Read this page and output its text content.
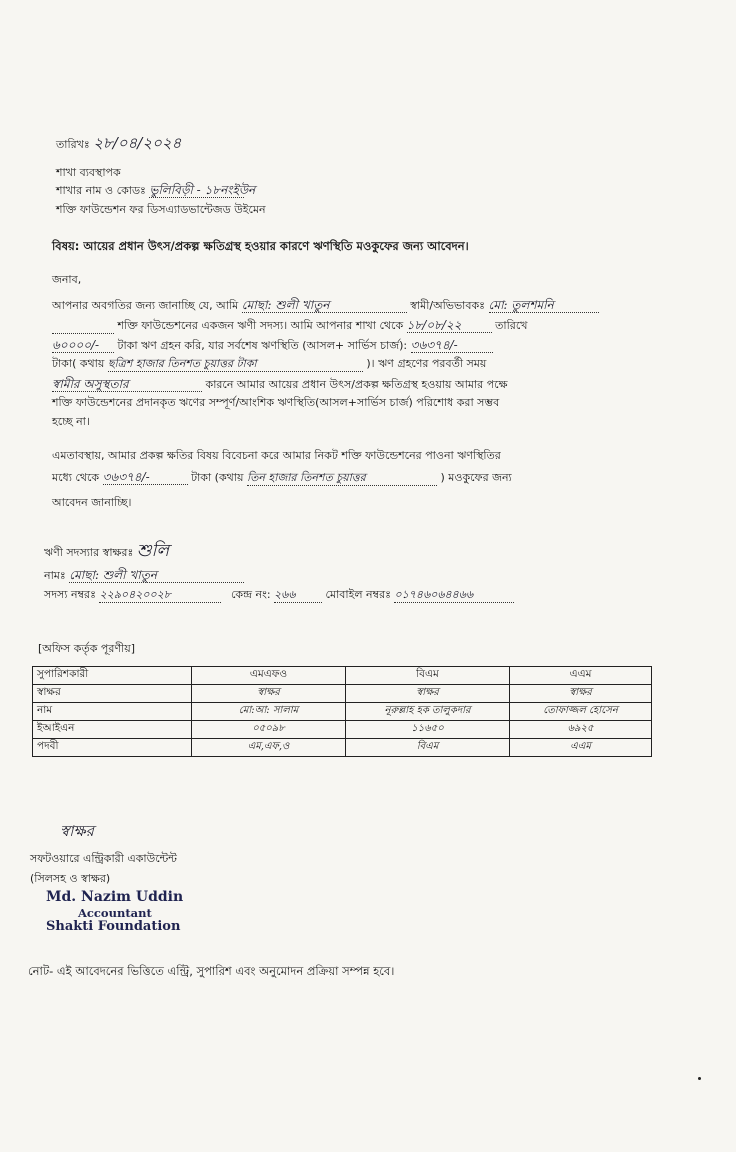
তারিখঃ ২৮/০৪/২০২৪
শাখা ব্যবস্থাপক
শাখার নাম ও কোডঃ ভুলিবিড়ী - ১৮নংইউন
শক্তি ফাউন্ডেশন ফর ডিসএ্যাডভান্টেজড উইমেন
বিষয়: আয়ের প্রধান উৎস/প্রকল্প ক্ষতিগ্রস্থ হওয়ার কারণে ঋণস্থিতি মওকুফের জন্য আবেদন।
জনাব,
আপনার অবগতির জন্য জানাচ্ছি যে, আমি মোছা: শুলী খাতুন	স্বামী/অভিভাবকঃ মো: তুলশমনি
শক্তি ফাউন্ডেশনের একজন ঋণী সদস্য। আমি আপনার শাখা থেকে ১৮/০৮/২২	তারিখে
৬০০০০/- টাকা ঋণ গ্রহন করি, যার সর্বশেষ ঋণস্থিতি (আসল+ সার্ভিস চার্জ): ৩৬৩৭৪/-
টাকা( কথায় ছত্রিশ হাজার তিনশত চুয়াত্তর টাকা	)। ঋণ গ্রহণের পরবর্তী সময়
স্বামীর অসুস্থতার	কারনে আমার আয়ের প্রধান উৎস/প্রকল্প ক্ষতিগ্রস্থ হওয়ায় আমার পক্ষে
শক্তি ফাউন্ডেশনের প্রদানকৃত ঋণের সম্পূর্ণ/আংশিক ঋণস্থিতি(আসল+সার্ভিস চার্জ) পরিশোধ করা সম্ভব
হচ্ছে না।
এমতাবস্থায়, আমার প্রকল্প ক্ষতির বিষয় বিবেচনা করে আমার নিকট শক্তি ফাউন্ডেশনের পাওনা ঋণস্থিতির
মধ্যে থেকে ৩৬৩৭৪/-	টাকা (কথায় তিন হাজার তিনশত চুয়াত্তর	) মওকুফের জন্য
আবেদন জানাচ্ছি।
ঋণী সদস্যার স্বাক্ষরঃ শুলি
নামঃ মোছা: শুলী খাতুন
সদস্য নম্বরঃ ২২৯০৪২০০২৮	কেন্দ্র নং: ২৬৬	মোবাইল নম্বরঃ ০১৭৪৬০৬৪৪৬৬
[অফিস কর্তৃক পূরণীয়]
সুপারিশকারী	এমএফও	বিএম	এএম
স্বাক্ষর	স্বাক্ষর	স্বাক্ষর	স্বাক্ষর
নাম	মো:আ: সালাম	নূরুল্লাহ হক তালুকদার	তোফাজ্জল হোসেন
ইআইএন	০৫০৯৮	১১৬৫০	৬৯২৫
পদবী	এম,এফ,ও	বিএম	এএম
স্বাক্ষর
সফটওয়ারে এন্ট্রিকারী একাউন্টেন্ট
(সিলসহ ও স্বাক্ষর)
Md. Nazim Uddin
Accountant
Shakti Foundation
নোট- এই আবেদনের ভিত্তিতে এন্ট্রি, সুপারিশ এবং অনুমোদন প্রক্রিয়া সম্পন্ন হবে।
